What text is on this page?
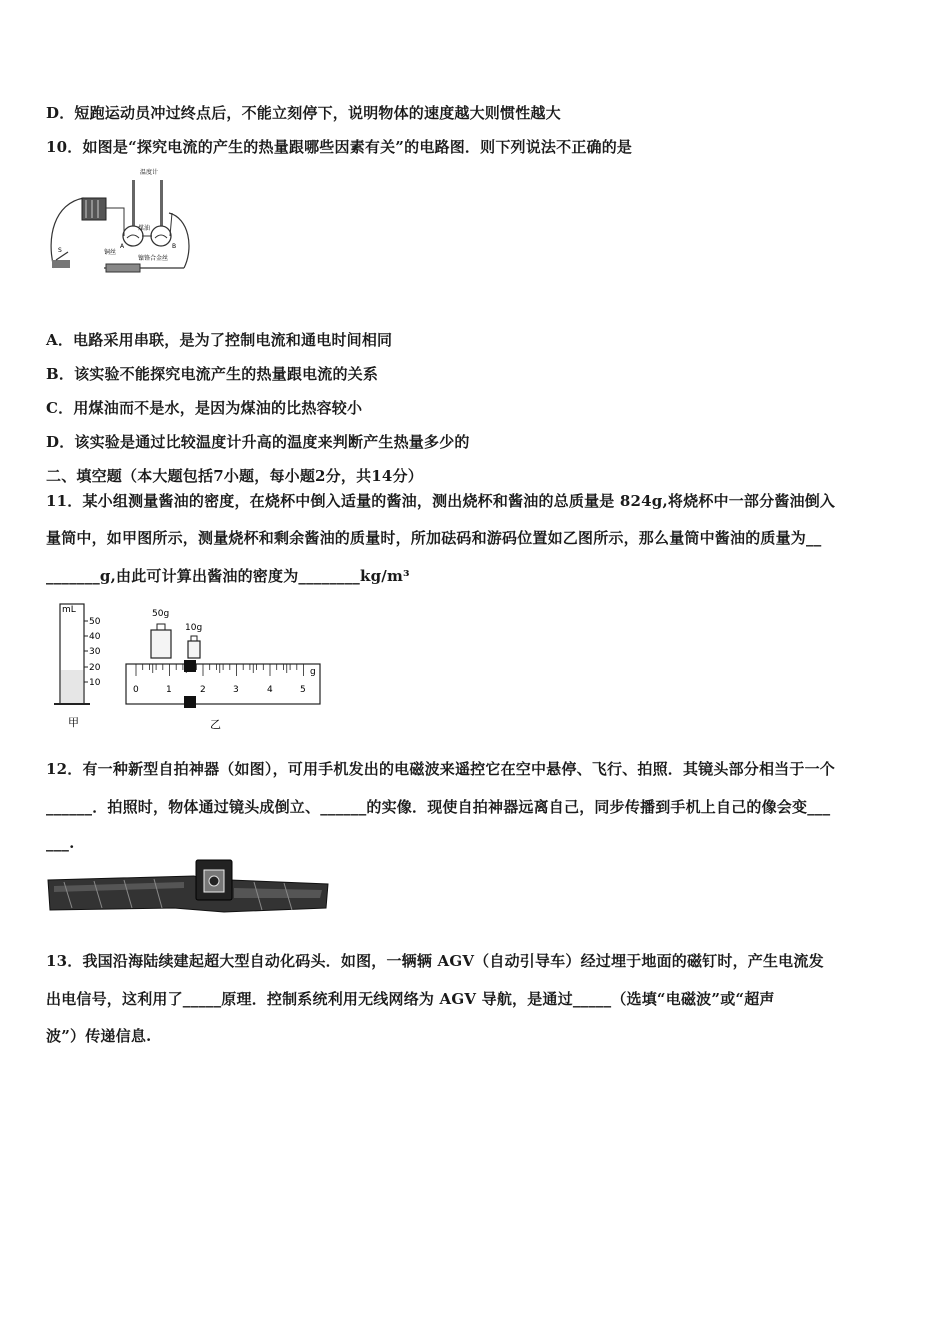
D．短跑运动员冲过终点后，不能立刻停下，说明物体的速度越大则惯性越大
10．如图是“探究电流的产生的热量跟哪些因素有关”的电路图．则下列说法不正确的是
温度计
煤油
铜丝
镍铬合金丝
S
A	B
A．电路采用串联，是为了控制电流和通电时间相同
B．该实验不能探究电流产生的热量跟电流的关系
C．用煤油而不是水，是因为煤油的比热容较小
D．该实验是通过比较温度计升高的温度来判断产生热量多少的
二、填空题（本大题包括7小题，每小题2分，共14分）
11．某小组测量酱油的密度，在烧杯中倒入适量的酱油，测出烧杯和酱油的总质量是 824g,将烧杯中一部分酱油倒入
量筒中，如甲图所示，测量烧杯和剩余酱油的质量时，所加砝码和游码位置如乙图所示，那么量筒中酱油的质量为__
_______g,由此可计算出酱油的密度为________kg/m³
mL
50
40
30
20
10
甲
50g
10g
0	1	2	3	4	5
g
乙
12．有一种新型自拍神器（如图），可用手机发出的电磁波来遥控它在空中悬停、飞行、拍照．其镜头部分相当于一个
______．拍照时，物体通过镜头成倒立、______的实像．现使自拍神器远离自己，同步传播到手机上自己的像会变___
___.
13．我国沿海陆续建起超大型自动化码头．如图，一辆辆 AGV（自动引导车）经过埋于地面的磁钉时，产生电流发
出电信号，这利用了_____原理．控制系统利用无线网络为 AGV 导航，是通过_____（选填“电磁波”或“超声
波”）传递信息.
